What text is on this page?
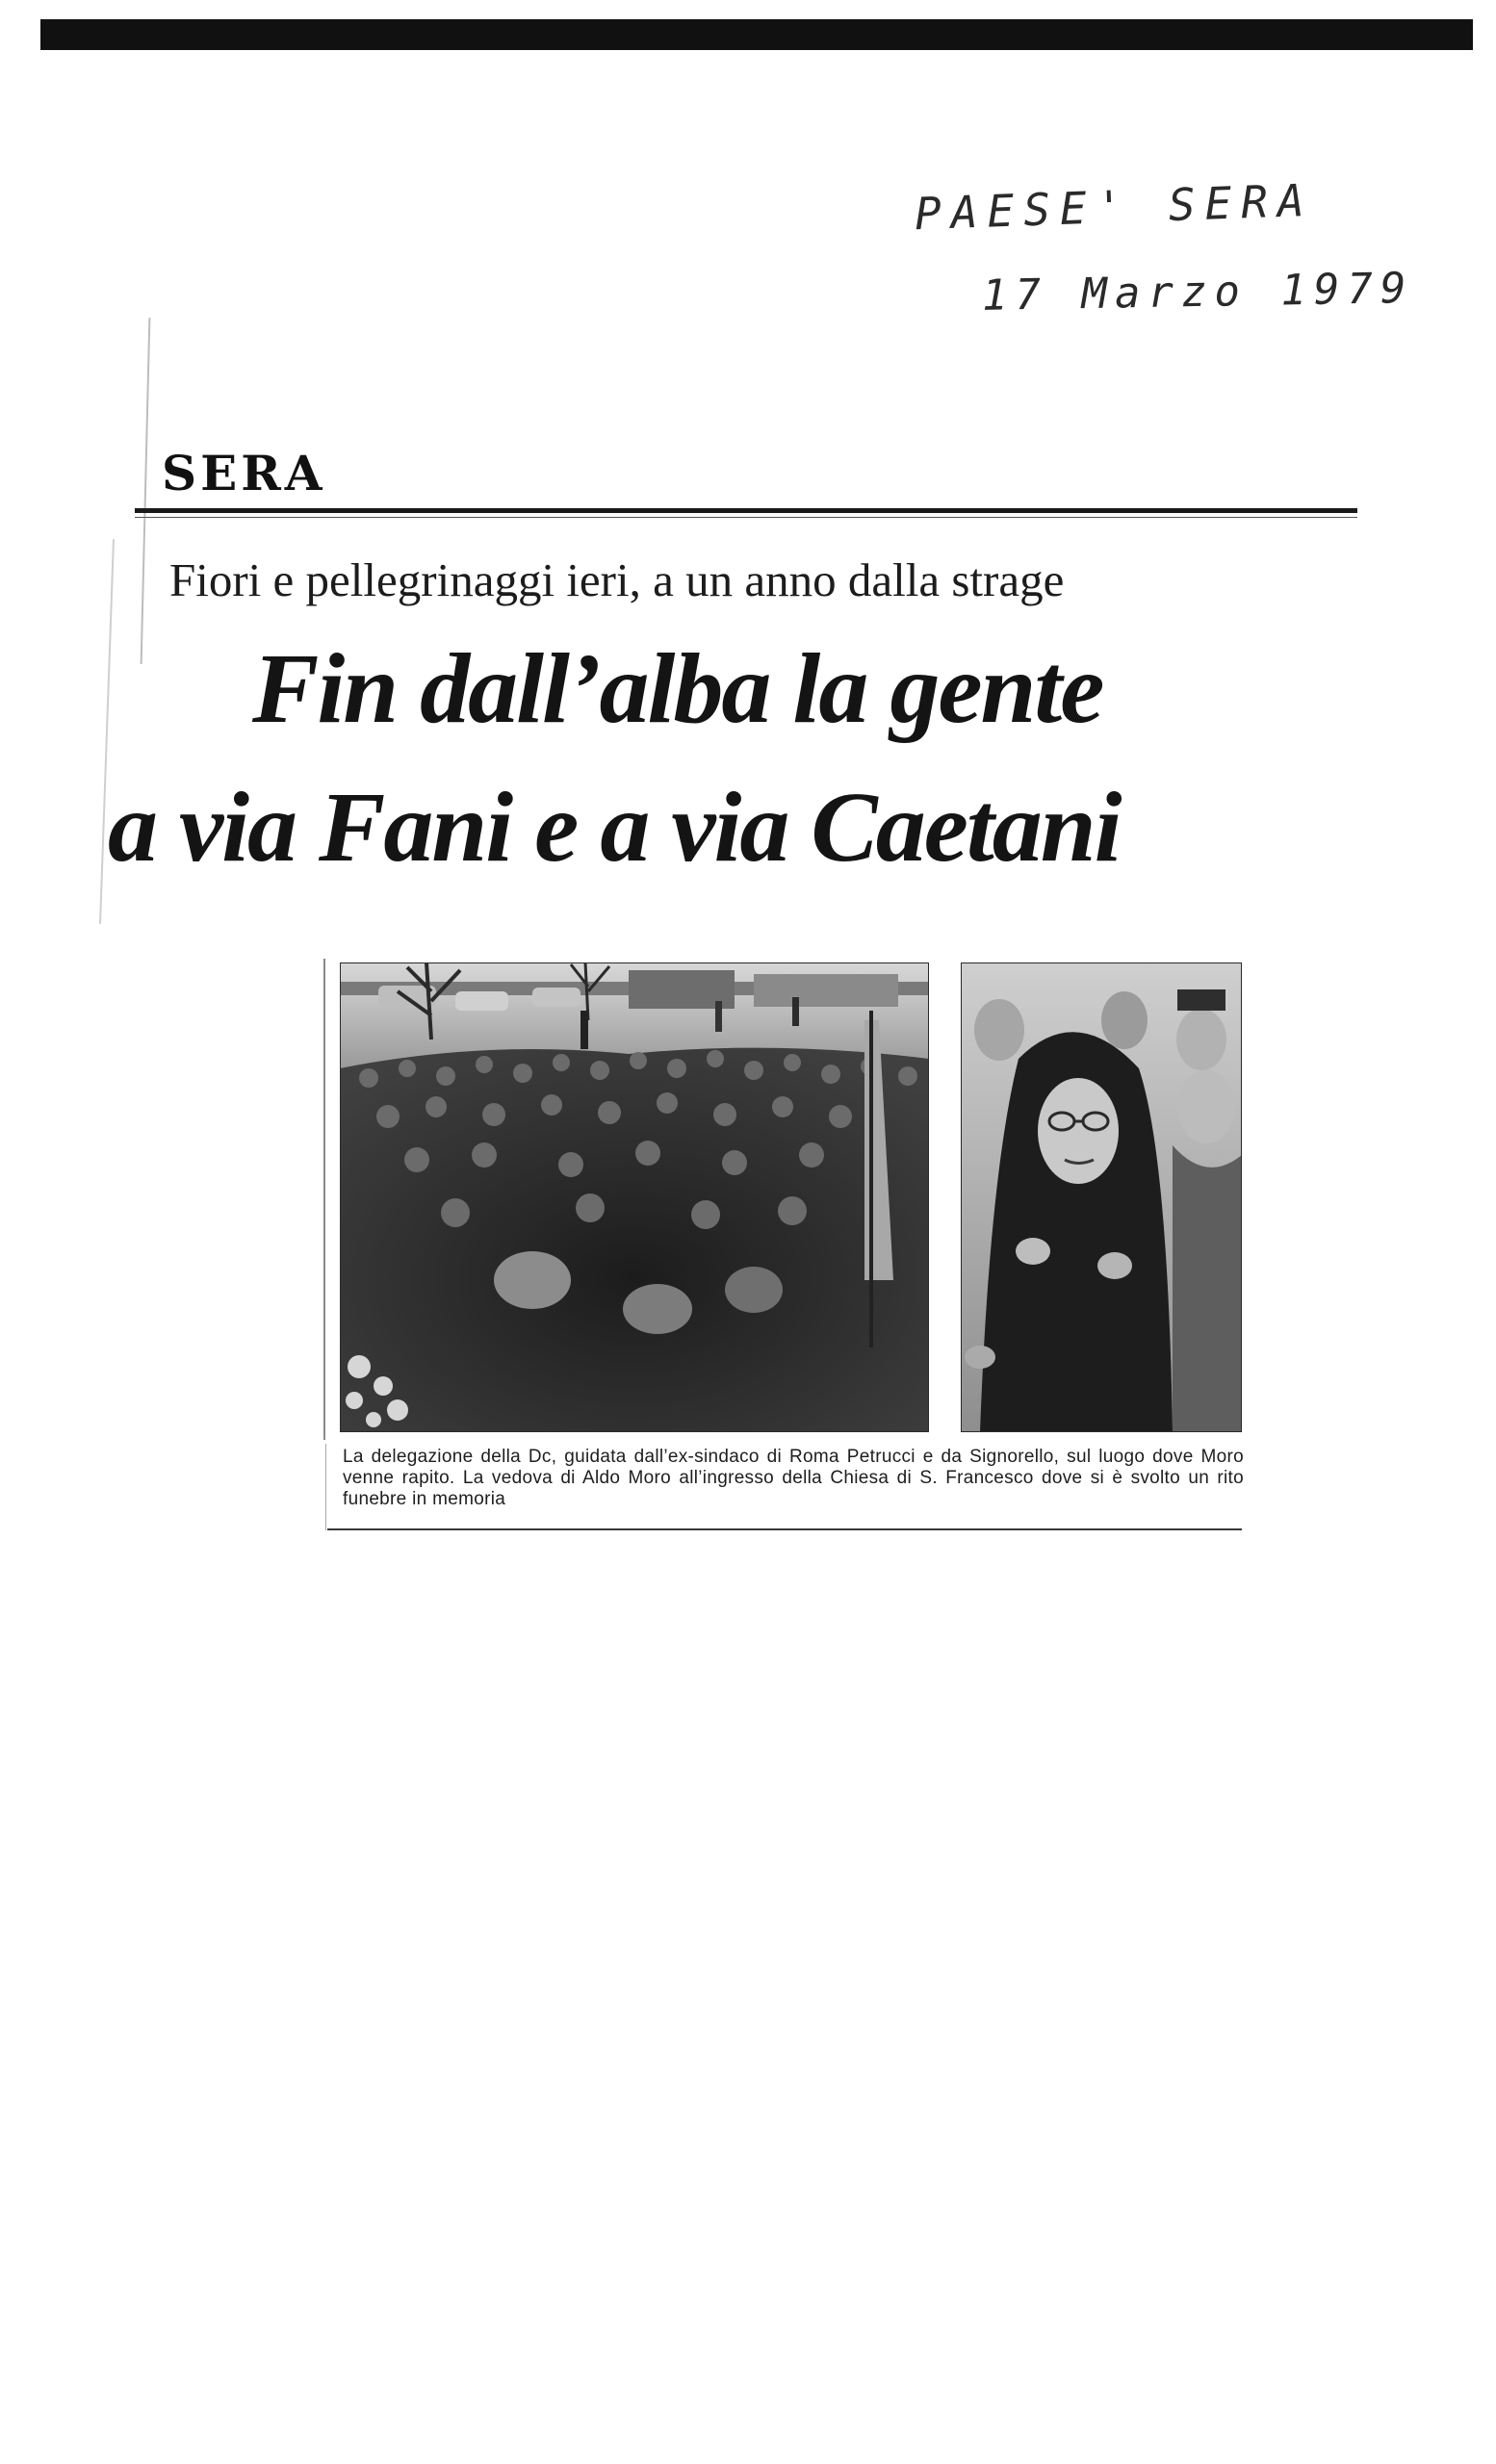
PAESE' SERA
17 Marzo 1979
SERA
Fiori e pellegrinaggi ieri, a un anno dalla strage
Fin dall’alba la gente
a via Fani e a via Caetani
La delegazione della Dc, guidata dall’ex-sindaco di Roma Petrucci e da Signorello, sul luogo dove Moro venne rapito. La vedova di Aldo Moro all’ingresso della Chiesa di S. Francesco dove si è svolto un rito funebre in memoria
